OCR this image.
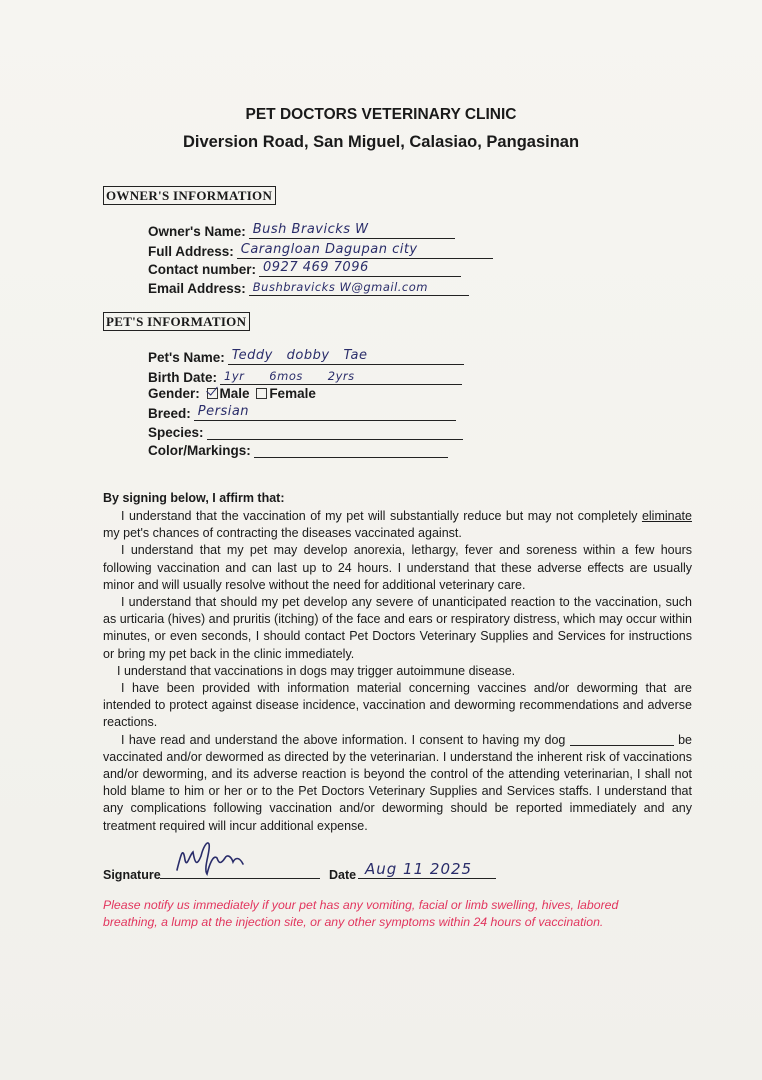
PET DOCTORS VETERINARY CLINIC
Diversion Road, San Miguel, Calasiao, Pangasinan
OWNER'S INFORMATION
Owner's Name: Bush Bravicks W
Full Address: Carangloan Dagupan city
Contact number: 0927 469 7096
Email Address: Bushbravicks W@gmail.com
PET'S INFORMATION
Pet's Name: Teddy   dobby   Tae
Birth Date: 1yr      6mos      2yrs
Gender: Male Female
Breed: Persian
Species:
Color/Markings:
By signing below, I affirm that:

I understand that the vaccination of my pet will substantially reduce but may not completely eliminate my pet's chances of contracting the diseases vaccinated against.

I understand that my pet may develop anorexia, lethargy, fever and soreness within a few hours following vaccination and can last up to 24 hours. I understand that these adverse effects are usually minor and will usually resolve without the need for additional veterinary care.

I understand that should my pet develop any severe of unanticipated reaction to the vaccination, such as urticaria (hives) and pruritis (itching) of the face and ears or respiratory distress, which may occur within minutes, or even seconds, I should contact Pet Doctors Veterinary Supplies and Services for instructions or bring my pet back in the clinic immediately.

I understand that vaccinations in dogs may trigger autoimmune disease.

I have been provided with information material concerning vaccines and/or deworming that are intended to protect against disease incidence, vaccination and deworming recommendations and adverse reactions.

I have read and understand the above information. I consent to having my dog	be vaccinated and/or dewormed as directed by the veterinarian. I understand the inherent risk of vaccinations and/or deworming, and its adverse reaction is beyond the control of the attending veterinarian, I shall not hold blame to him or her or to the Pet Doctors Veterinary Supplies and Services staffs. I understand that any complications following vaccination and/or deworming should be reported immediately and any treatment required will incur additional expense.

Signature	Date Aug 11 2025
Please notify us immediately if your pet has any vomiting, facial or limb swelling, hives, labored breathing, a lump at the injection site, or any other symptoms within 24 hours of vaccination.
